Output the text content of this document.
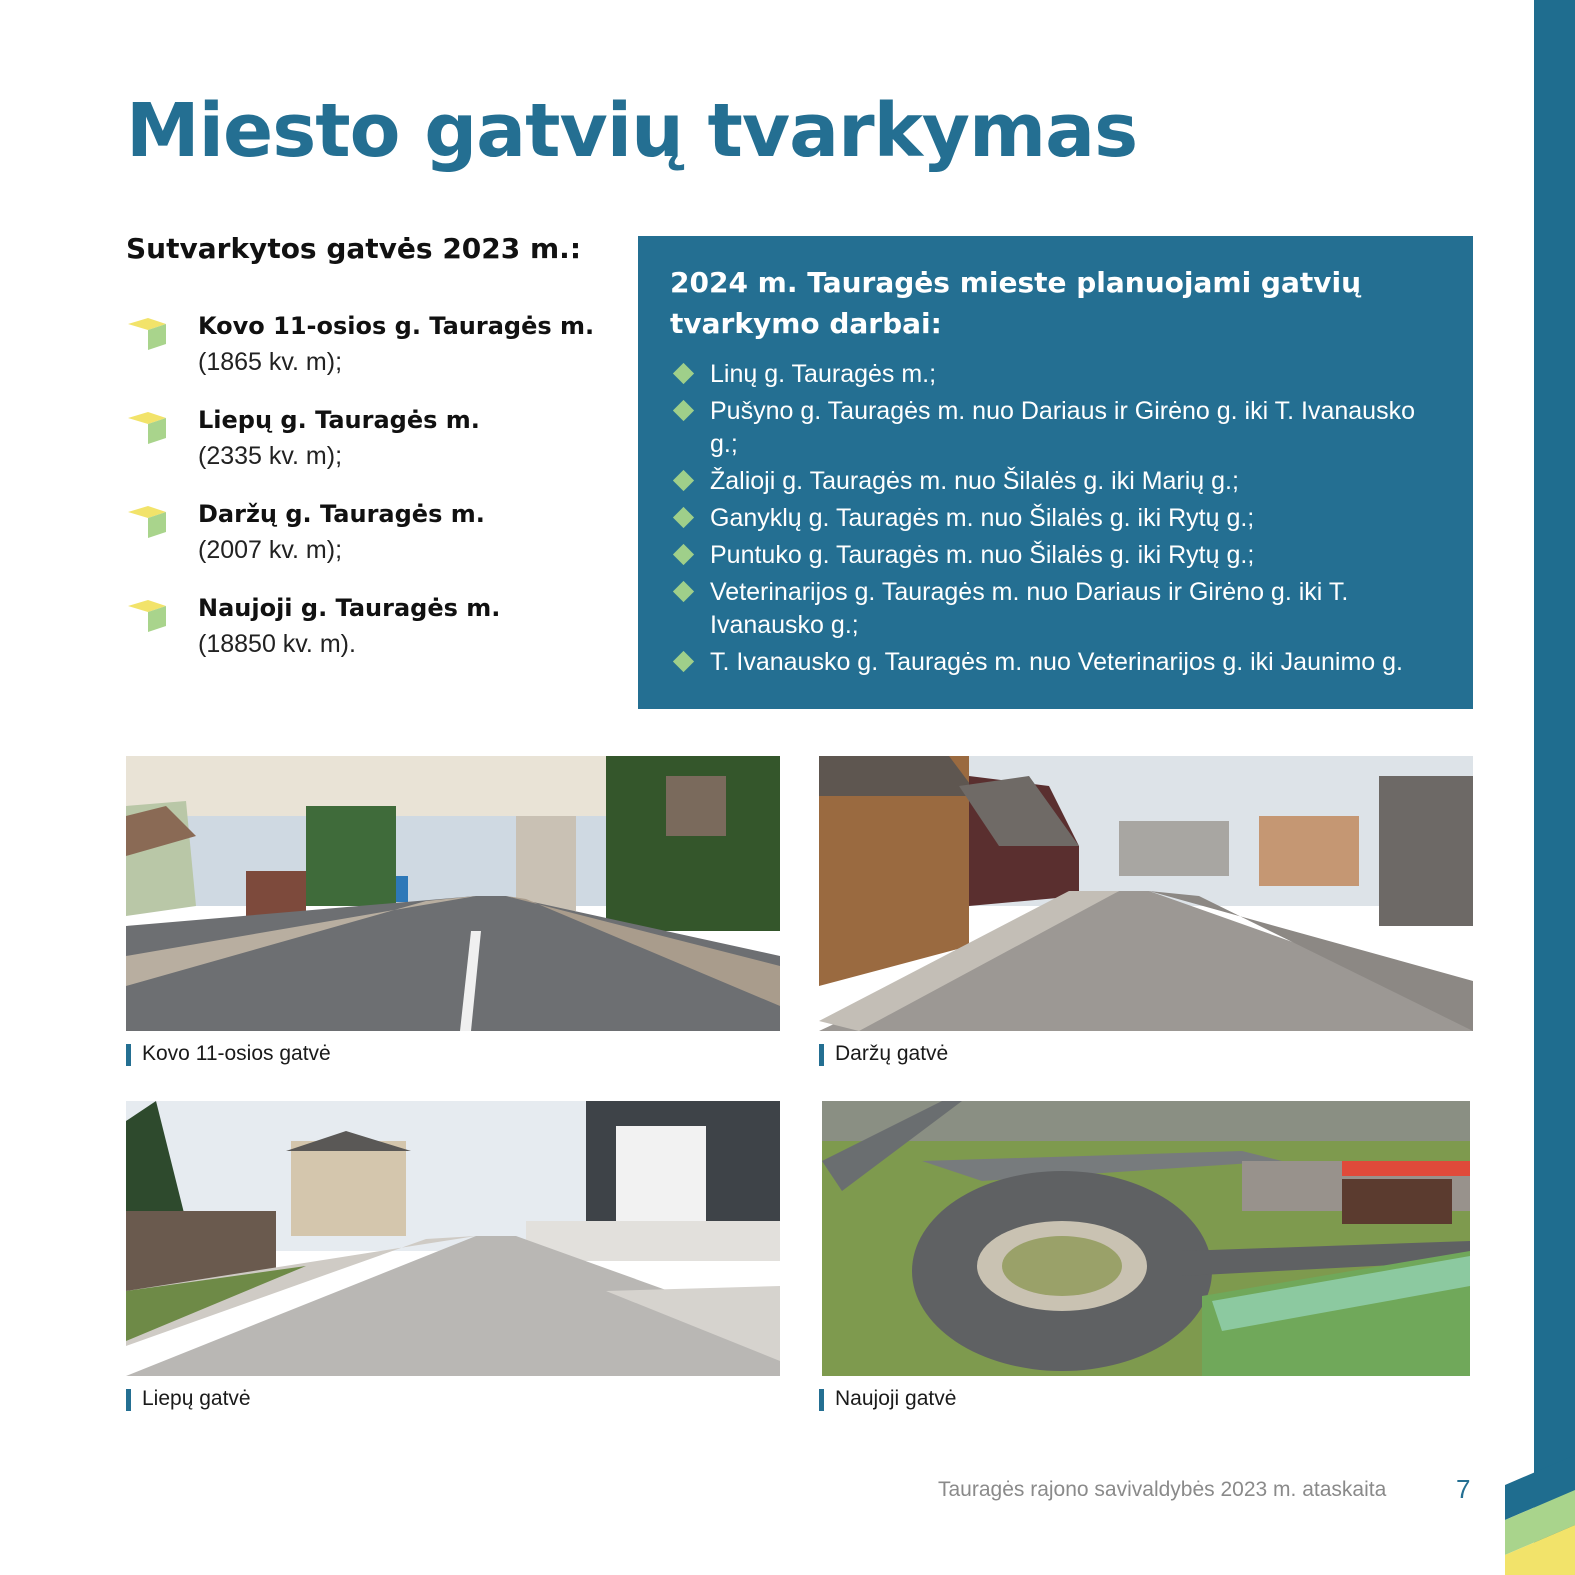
Miesto gatvių tvarkymas
Sutvarkytos gatvės 2023 m.:
Kovo 11-osios g. Tauragės m.
(1865 kv. m);
Liepų g. Tauragės m.
(2335 kv. m);
Daržų g. Tauragės m.
(2007 kv. m);
Naujoji g. Tauragės m.
(18850 kv. m).
2024 m. Tauragės mieste planuojami gatvių tvarkymo darbai:
Linų g. Tauragės m.;
Pušyno g. Tauragės m. nuo Dariaus ir Girėno g. iki T. Ivanausko g.;
Žalioji g. Tauragės m. nuo Šilalės g. iki Marių g.;
Ganyklų g. Tauragės m. nuo Šilalės g. iki Rytų g.;
Puntuko g. Tauragės m. nuo Šilalės g. iki Rytų g.;
Veterinarijos g. Tauragės m. nuo Dariaus ir Girėno g. iki T. Ivanausko g.;
T. Ivanausko g. Tauragės m. nuo Veterinarijos g. iki Jaunimo g.
Kovo 11-osios gatvė	Daržų gatvė
Liepų gatvė	Naujoji gatvė
Tauragės rajono savivaldybės 2023 m. ataskaita	7
